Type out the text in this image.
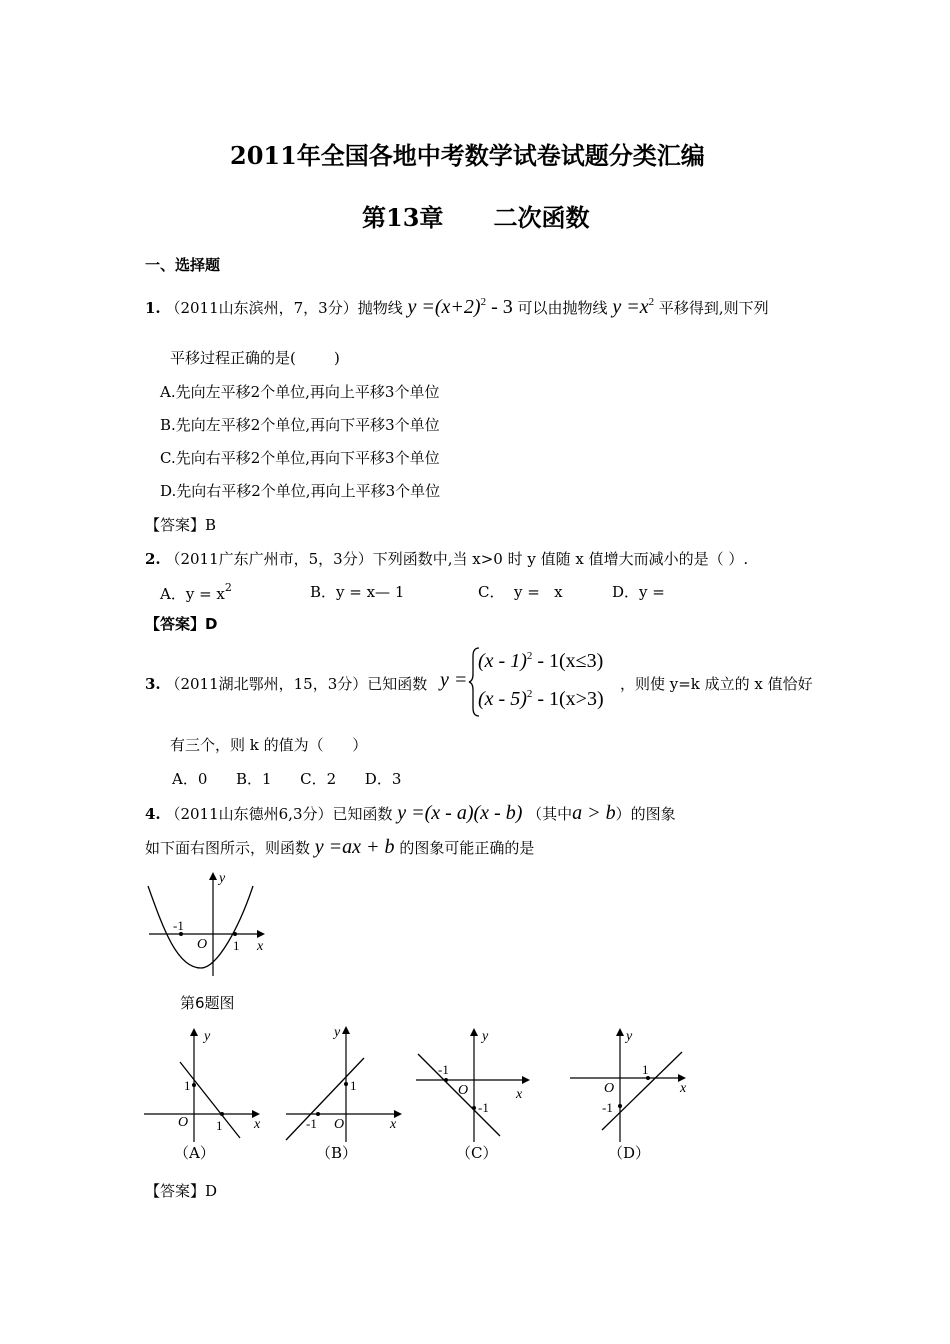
2011年全国各地中考数学试卷试题分类汇编
第13章      二次函数
一、选择题
1. （2011山东滨州，7，3分）抛物线 $y =(x+2)^2 - 3$ 可以由抛物线 $y =x^2$ 平移得到,则下列
平移过程正确的是(        )
A.先向左平移2个单位,再向上平移3个单位
B.先向左平移2个单位,再向下平移3个单位
C.先向右平移2个单位,再向下平移3个单位
D.先向右平移2个单位,再向上平移3个单位
【答案】B
2. （2011广东广州市，5，3分）下列函数中,当 x>0 时 y 值随 x 值增大而减小的是（ ）.
A．$y = x^2$	B．y = x— 1	C．  y =   x	D．y =
【答案】D
3. （2011湖北鄂州，15，3分）已知函数 y =
(x - 1)$^2$ - 1(x≤3)
(x - 5)$^2$ - 1(x>3)
，则使 y=k 成立的 x 值恰好
有三个，则 k 的值为（      ）
A．0      B．1      C．2      D．3
4. （2011山东德州6,3分）已知函数 y =(x - a)(x - b) （其中a > b）的图象
如下面右图所示，则函数 y =ax + b 的图象可能正确的是
y
x
O
-1
1
第6题图
y
x
O
1
1
（A）
y
x
O
1
-1
（B）
y
x
O
-1
-1
（C）
y
x
O
1
-1
（D）
【答案】D
